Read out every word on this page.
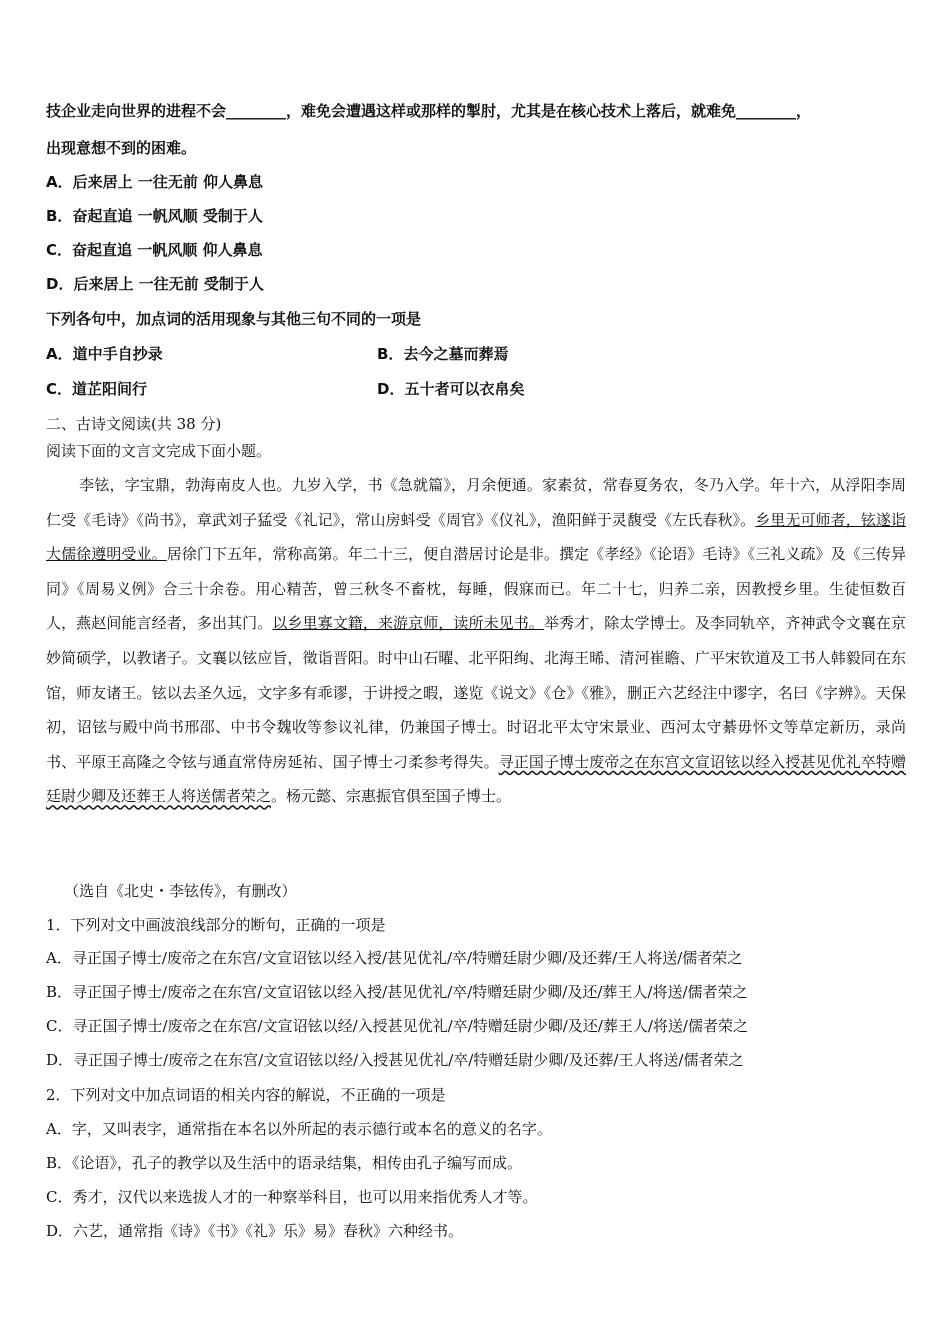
技企业走向世界的进程不会________，难免会遭遇这样或那样的掣肘，尤其是在核心技术上落后，就难免________，
出现意想不到的困难。
A．后来居上 一往无前 仰人鼻息
B．奋起直追 一帆风顺 受制于人
C．奋起直追 一帆风顺 仰人鼻息
D．后来居上 一往无前 受制于人
下列各句中，加点词的活用现象与其他三句不同的一项是
A．道中手自抄录	B．去今之墓而葬焉
C．道芷阳间行	D．五十者可以衣帛矣
二、古诗文阅读(共 38 分)
阅读下面的文言文完成下面小题。
李铉，字宝鼎，勃海南皮人也。九岁入学，书《急就篇》，月余便通。家素贫，常春夏务农，冬乃入学。年十六，从浮阳李周仁受《毛诗》《尚书》，章武刘子猛受《礼记》，常山房蚪受《周官》《仪礼》，渔阳鲜于灵馥受《左氏春秋》。乡里无可师者，铉遂诣大儒徐遵明受业。居徐门下五年，常称高第。年二十三，便自潜居讨论是非。撰定《孝经》《论语》毛诗》《三礼义疏》及《三传异同》《周易义例》合三十余卷。用心精苦，曾三秋冬不畜枕，每睡，假寐而已。年二十七，归养二亲，因教授乡里。生徒恒数百人，燕赵间能言经者，多出其门。以乡里寡文籍，来游京师，读所未见书。举秀才，除太学博士。及李同轨卒，齐神武令文襄在京妙简硕学，以教诸子。文襄以铉应旨，徵诣晋阳。时中山石曜、北平阳绚、北海王晞、清河崔瞻、广平宋钦道及工书人韩毅同在东馆，师友诸王。铉以去圣久远，文字多有乖谬，于讲授之暇，遂览《说文》《仓》《雅》，删正六艺经注中谬字，名曰《字辨》。天保初，诏铉与殿中尚书邢邵、中书令魏收等参议礼律，仍兼国子博士。时诏北平太守宋景业、西河太守綦毋怀文等草定新历，录尚书、平原王高隆之令铉与通直常侍房延祐、国子博士刁柔参考得失。寻正国子博士废帝之在东宫文宣诏铉以经入授甚见优礼卒特赠廷尉少卿及还葬王人将送儒者荣之。杨元懿、宗惠振官俱至国子博士。
（选自《北史・李铉传》，有删改）
1．下列对文中画波浪线部分的断句，正确的一项是
A．寻正国子博士/废帝之在东宫/文宣诏铉以经入授/甚见优礼/卒/特赠廷尉少卿/及还葬/王人将送/儒者荣之
B．寻正国子博士/废帝之在东宫/文宣诏铉以经入授/甚见优礼/卒/特赠廷尉少卿/及还/葬王人/将送/儒者荣之
C．寻正国子博士/废帝之在东宫/文宣诏铉以经/入授甚见优礼/卒/特赠廷尉少卿/及还/葬王人/将送/儒者荣之
D．寻正国子博士/废帝之在东宫/文宣诏铉以经/入授甚见优礼/卒/特赠廷尉少卿/及还葬/王人将送/儒者荣之
2．下列对文中加点词语的相关内容的解说，不正确的一项是
A．字，又叫表字，通常指在本名以外所起的表示德行或本名的意义的名字。
B．《论语》，孔子的教学以及生活中的语录结集，相传由孔子编写而成。
C．秀才，汉代以来选拔人才的一种察举科目，也可以用来指优秀人才等。
D．六艺，通常指《诗》《书》《礼》乐》易》春秋》六种经书。
